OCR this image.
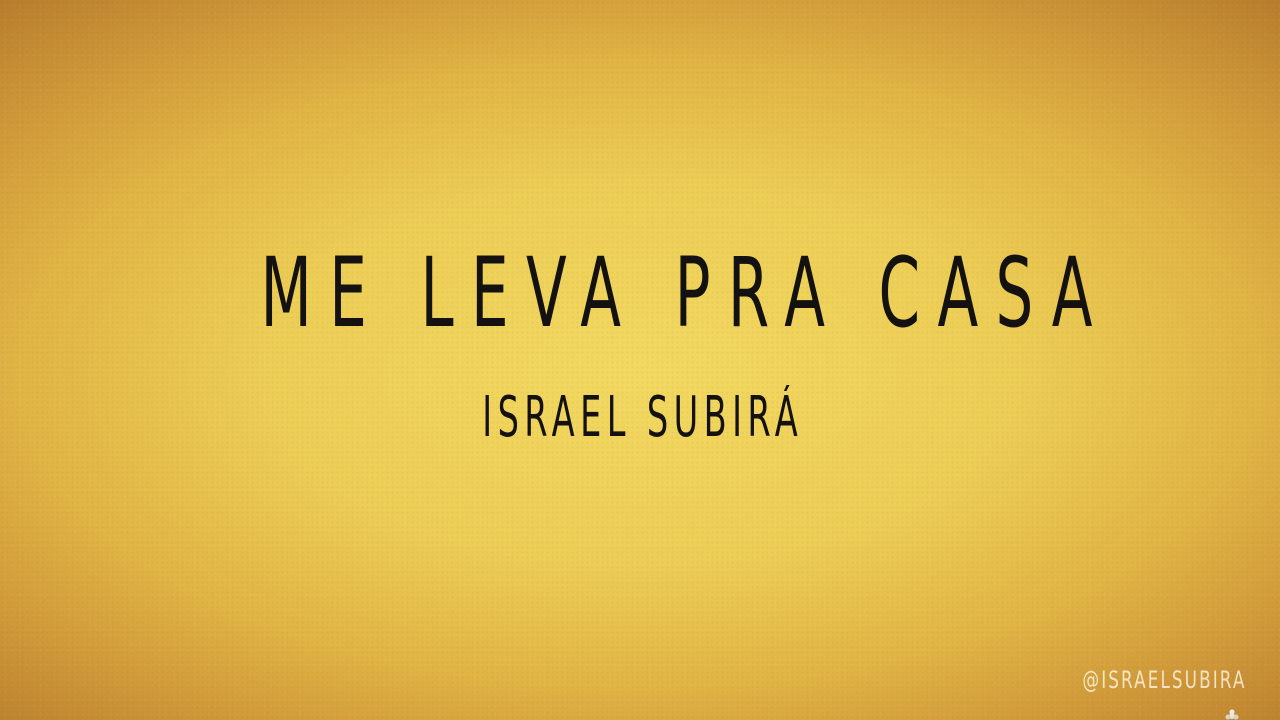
ME LEVA PRA CASA
ISRAEL SUBIRÁ
@ISRAELSUBIRA
